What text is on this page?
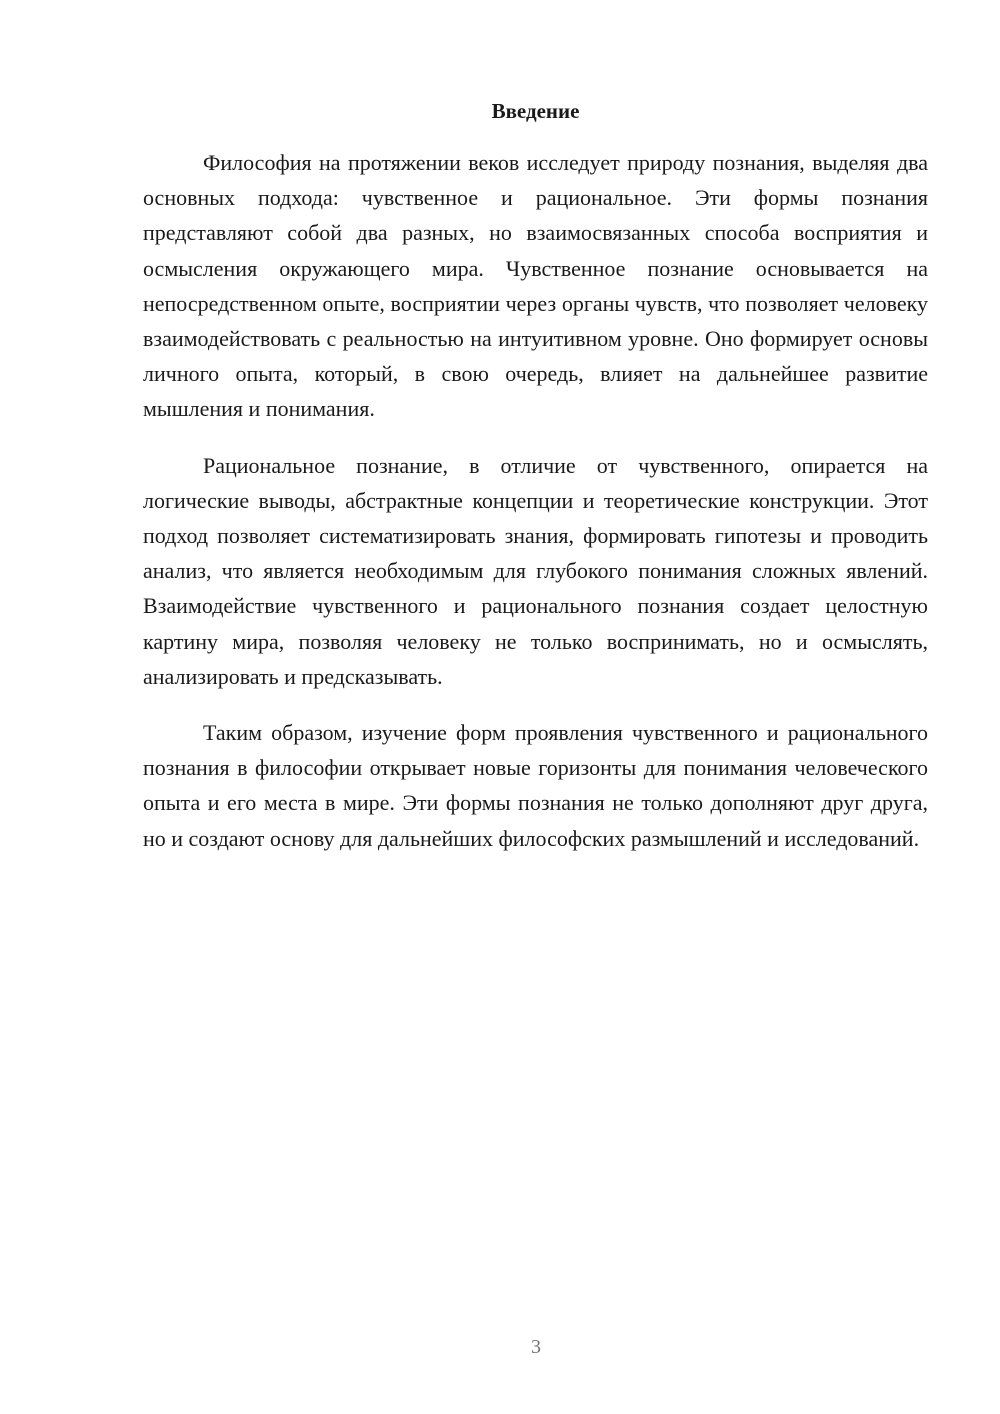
Введение

Философия на протяжении веков исследует природу познания, выделяя два основных подхода: чувственное и рациональное. Эти формы познания представляют собой два разных, но взаимосвязанных способа восприятия и осмысления окружающего мира. Чувственное познание основывается на непосредственном опыте, восприятии через органы чувств, что позволяет человеку взаимодействовать с реальностью на интуитивном уровне. Оно формирует основы личного опыта, который, в свою очередь, влияет на дальнейшее развитие мышления и понимания.

Рациональное познание, в отличие от чувственного, опирается на логические выводы, абстрактные концепции и теоретические конструкции. Этот подход позволяет систематизировать знания, формировать гипотезы и проводить анализ, что является необходимым для глубокого понимания сложных явлений. Взаимодействие чувственного и рационального познания создает целостную картину мира, позволяя человеку не только воспринимать, но и осмыслять, анализировать и предсказывать.

Таким образом, изучение форм проявления чувственного и рационального познания в философии открывает новые горизонты для понимания человеческого опыта и его места в мире. Эти формы познания не только дополняют друг друга, но и создают основу для дальнейших философских размышлений и исследований.

3
